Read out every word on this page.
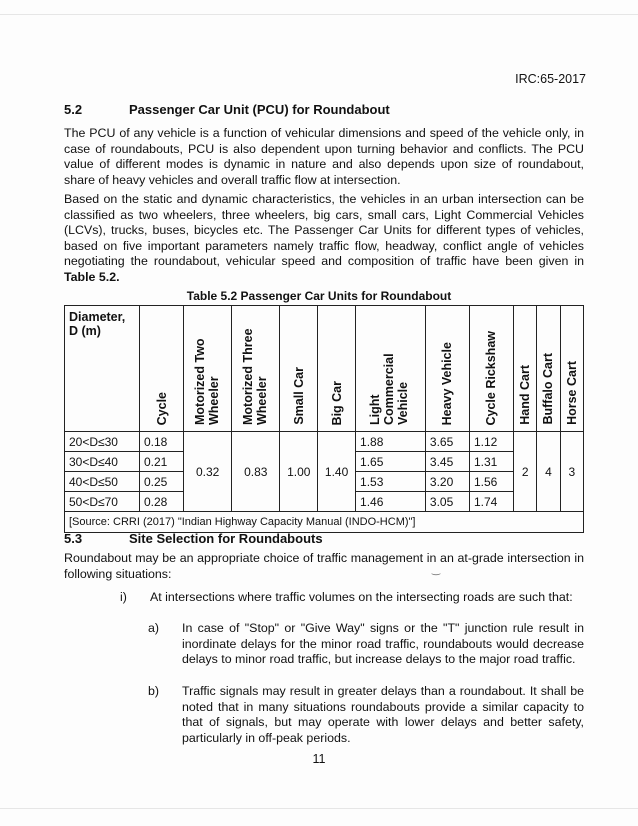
IRC:65-2017
5.2	Passenger Car Unit (PCU) for Roundabout

The PCU of any vehicle is a function of vehicular dimensions and speed of the vehicle only, in case of roundabouts, PCU is also dependent upon turning behavior and conflicts. The PCU value of different modes is dynamic in nature and also depends upon size of roundabout, share of heavy vehicles and overall traffic flow at intersection.

Based on the static and dynamic characteristics, the vehicles in an urban intersection can be classified as two wheelers, three wheelers, big cars, small cars, Light Commercial Vehicles (LCVs), trucks, buses, bicycles etc. The Passenger Car Units for different types of vehicles, based on five important parameters namely traffic flow, headway, conflict angle of vehicles negotiating the roundabout, vehicular speed and composition of traffic have been given in Table 5.2.

Table 5.2 Passenger Car Units for Roundabout
Diameter, D (m)	Cycle	Motorized Two Wheeler	Motorized Three Wheeler	Small Car	Big Car	Light Commercial Vehicle	Heavy Vehicle	Cycle Rickshaw	Hand Cart	Buffalo Cart	Horse Cart

20<D≤30	0.18	0.32	0.83	1.00	1.40	1.88	3.65	1.12	2	4	3
30<D≤40	0.21					1.65	3.45	1.31			
40<D≤50	0.25					1.53	3.20	1.56			
50<D≤70	0.28					1.46	3.05	1.74			
[Source: CRRI (2017) "Indian Highway Capacity Manual (INDO-HCM)"]											
5.3	Site Selection for Roundabouts

Roundabout may be an appropriate choice of traffic management in an at-grade intersection in following situations:	‿
i) At intersections where traffic volumes on the intersecting roads are such that:

a) In case of "Stop" or "Give Way" signs or the "T" junction rule result in inordinate delays for the minor road traffic, roundabouts would decrease delays to minor road traffic, but increase delays to the major road traffic.

b) Traffic signals may result in greater delays than a roundabout. It shall be noted that in many situations roundabouts provide a similar capacity to that of signals, but may operate with lower delays and better safety, particularly in off-peak periods.

11
